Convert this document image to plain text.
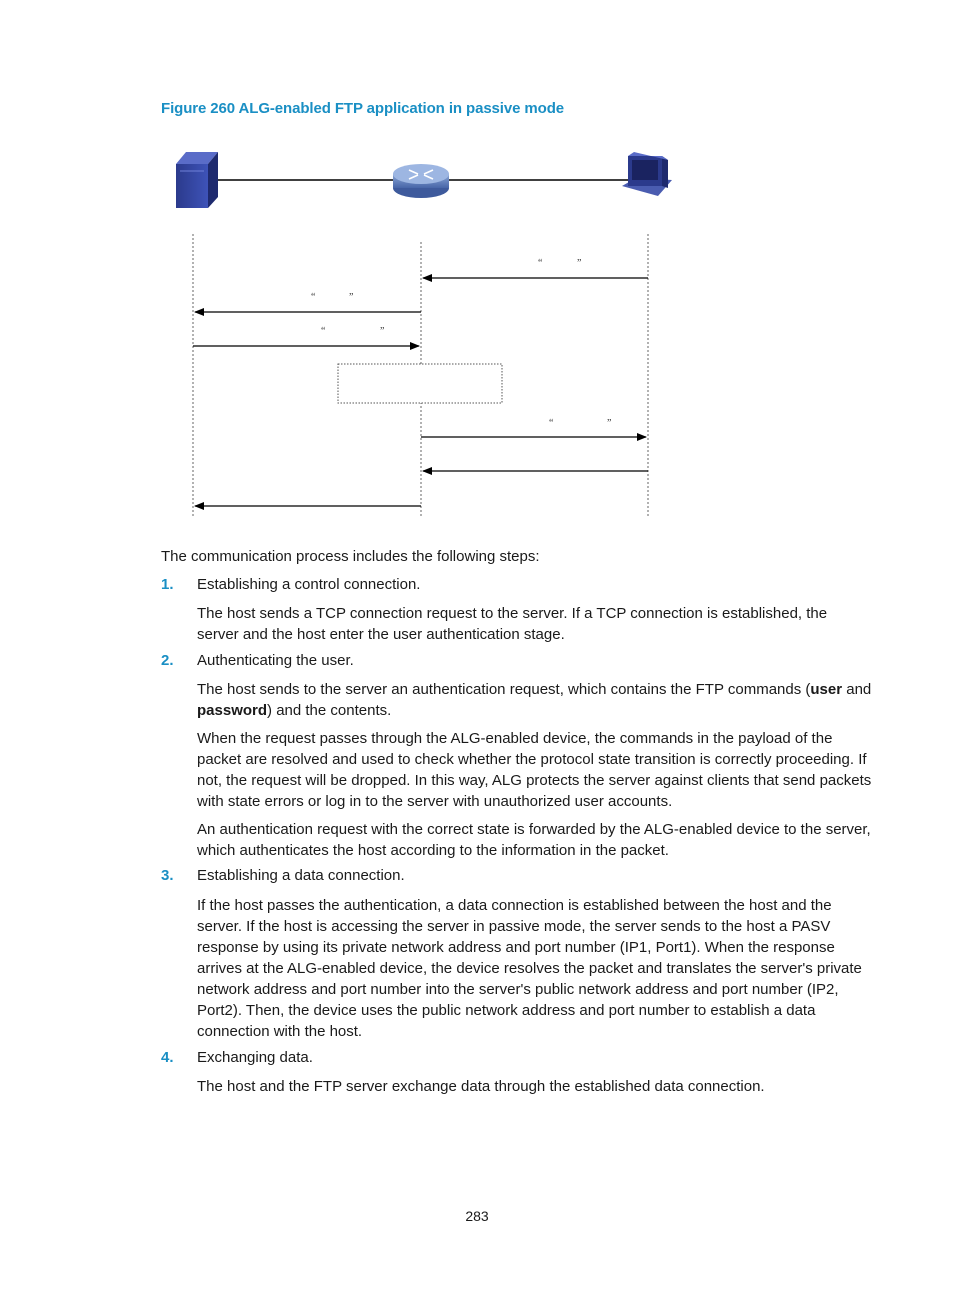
Figure 260 ALG-enabled FTP application in passive mode
“	”
“	”
“	”
“	”
The communication process includes the following steps:
1. Establishing a control connection.
The host sends a TCP connection request to the server. If a TCP connection is established, the server and the host enter the user authentication stage.
2. Authenticating the user.
The host sends to the server an authentication request, which contains the FTP commands (user and password) and the contents.
When the request passes through the ALG-enabled device, the commands in the payload of the packet are resolved and used to check whether the protocol state transition is correctly proceeding. If not, the request will be dropped. In this way, ALG protects the server against clients that send packets with state errors or log in to the server with unauthorized user accounts.
An authentication request with the correct state is forwarded by the ALG-enabled device to the server, which authenticates the host according to the information in the packet.
3. Establishing a data connection.
If the host passes the authentication, a data connection is established between the host and the server. If the host is accessing the server in passive mode, the server sends to the host a PASV response by using its private network address and port number (IP1, Port1). When the response arrives at the ALG-enabled device, the device resolves the packet and translates the server's private network address and port number into the server's public network address and port number (IP2, Port2). Then, the device uses the public network address and port number to establish a data connection with the host.
4. Exchanging data.
The host and the FTP server exchange data through the established data connection.
283
